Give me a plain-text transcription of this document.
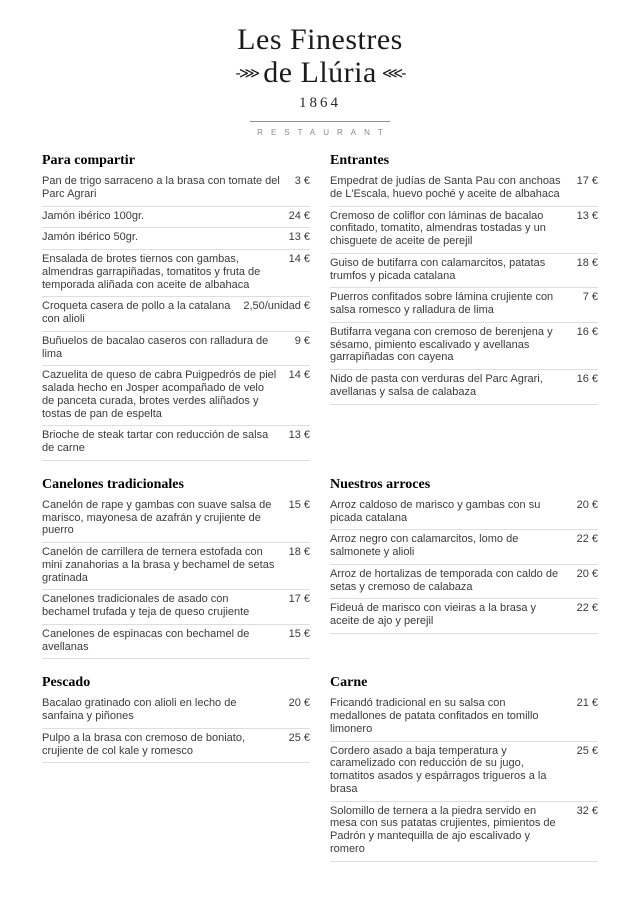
Les Finestres
-⋙ de Llúria ⋘-
1864
RESTAURANT
Para compartir
Pan de trigo sarraceno a la brasa con tomate del Parc Agrari
3 €
Jamón ibérico 100gr.	24 €
Jamón ibérico 50gr.	13 €
Ensalada de brotes tiernos con gambas, almendras garrapiñadas, tomatitos y fruta de temporada aliñada con aceite de albahaca
14 €
Croqueta casera de pollo a la catalana con alioli
2,50/unidad €
Buñuelos de bacalao caseros con ralladura de lima
9 €
Cazuelita de queso de cabra Puigpedrós de piel salada hecho en Josper acompañado de velo de panceta curada, brotes verdes aliñados y tostas de pan de espelta
14 €
Brioche de steak tartar con reducción de salsa de carne
13 €
Entrantes
Empedrat de judías de Santa Pau con anchoas de L'Escala, huevo poché y aceite de albahaca
17 €
Cremoso de coliflor con láminas de bacalao confitado, tomatito, almendras tostadas y un chisguete de aceite de perejil
13 €
Guiso de butifarra con calamarcitos, patatas trumfos y picada catalana
18 €
Puerros confitados sobre lámina crujiente con salsa romesco y ralladura de lima
7 €
Butifarra vegana con cremoso de berenjena y sésamo, pimiento escalivado y avellanas garrapiñadas con cayena
16 €
Nido de pasta con verduras del Parc Agrari, avellanas y salsa de calabaza
16 €
Canelones tradicionales
Canelón de rape y gambas con suave salsa de marisco, mayonesa de azafrán y crujiente de puerro
15 €
Canelón de carrillera de ternera estofada con mini zanahorias a la brasa y bechamel de setas gratinada
18 €
Canelones tradicionales de asado con bechamel trufada y teja de queso crujiente
17 €
Canelones de espinacas con bechamel de avellanas
15 €
Nuestros arroces
Arroz caldoso de marisco y gambas con su picada catalana
20 €
Arroz negro con calamarcitos, lomo de salmonete y alioli
22 €
Arroz de hortalizas de temporada con caldo de setas y cremoso de calabaza
20 €
Fideuá de marisco con vieiras a la brasa y aceite de ajo y perejil
22 €
Pescado
Bacalao gratinado con alioli en lecho de sanfaina y piñones
20 €
Pulpo a la brasa con cremoso de boniato, crujiente de col kale y romesco
25 €
Carne
Fricandó tradicional en su salsa con medallones de patata confitados en tomillo limonero
21 €
Cordero asado a baja temperatura y caramelizado con reducción de su jugo, tomatitos asados y espárragos trigueros a la brasa
25 €
Solomillo de ternera a la piedra servido en mesa con sus patatas crujientes, pimientos de Padrón y mantequilla de ajo escalivado y romero
32 €
